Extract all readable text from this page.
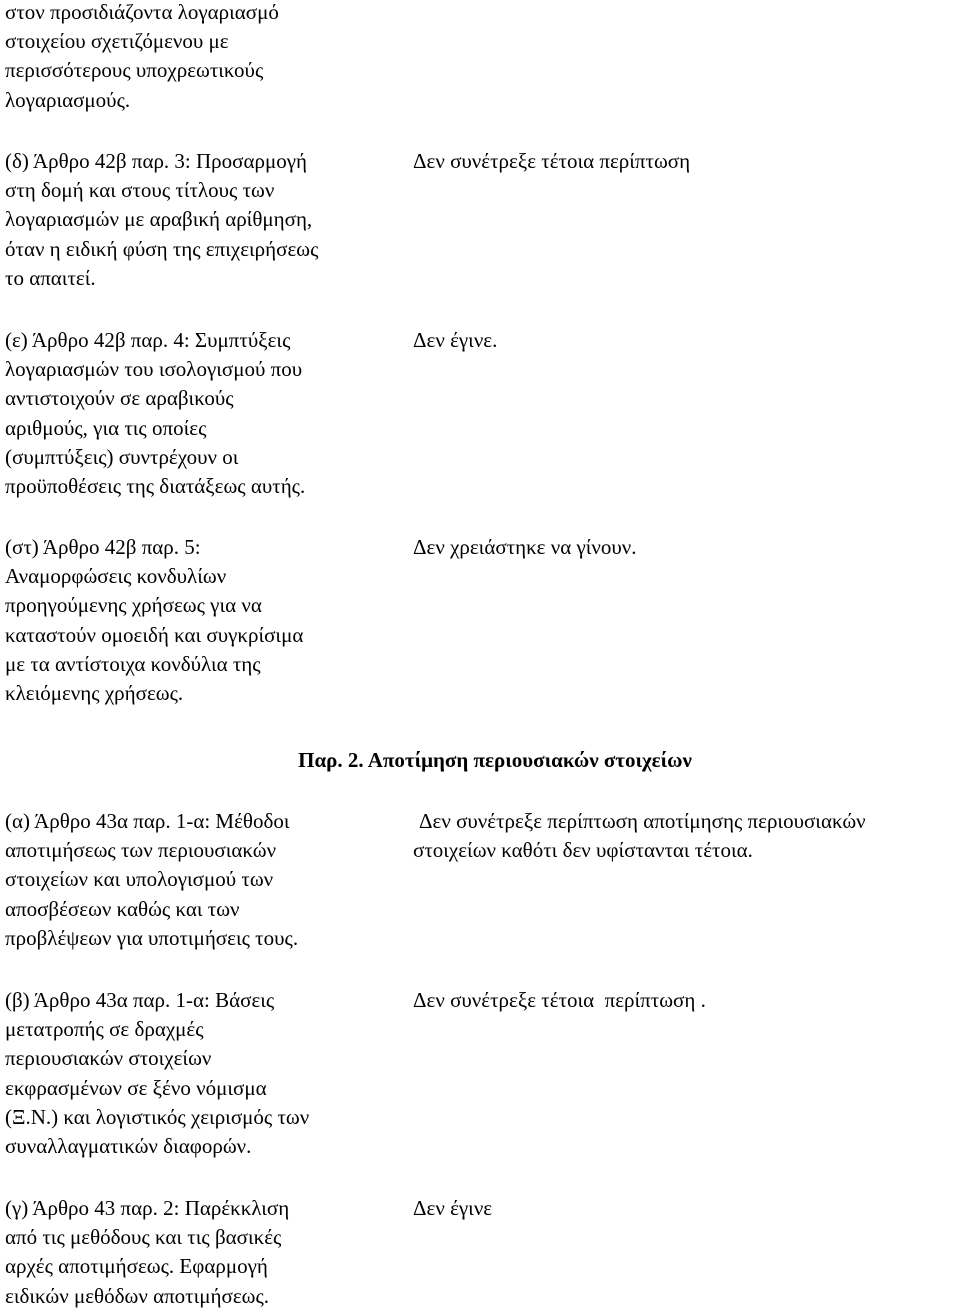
στον προσιδιάζοντα λογαριασμό
στοιχείου σχετιζόμενου με
περισσότερους υποχρεωτικούς
λογαριασμούς.
(δ) Άρθρο 42β παρ. 3: Προσαρμογή
στη δομή και στους τίτλους των
λογαριασμών με αραβική αρίθμηση,
όταν η ειδική φύση της επιχειρήσεως
το απαιτεί.
Δεν συνέτρεξε τέτοια περίπτωση
(ε) Άρθρο 42β παρ. 4: Συμπτύξεις
λογαριασμών του ισολογισμού που
αντιστοιχούν σε αραβικούς
αριθμούς, για τις οποίες
(συμπτύξεις) συντρέχουν οι
προϋποθέσεις της διατάξεως αυτής.
Δεν έγινε.
(στ) Άρθρο 42β παρ. 5:
Αναμορφώσεις κονδυλίων
προηγούμενης χρήσεως για να
καταστούν ομοειδή και συγκρίσιμα
με τα αντίστοιχα κονδύλια της
κλειόμενης χρήσεως.
Δεν χρειάστηκε να γίνουν.
Παρ. 2. Αποτίμηση περιουσιακών στοιχείων
(α) Άρθρο 43α παρ. 1-α: Μέθοδοι
αποτιμήσεως των περιουσιακών
στοιχείων και υπολογισμού των
αποσβέσεων καθώς και των
προβλέψεων για υποτιμήσεις τους.
Δεν συνέτρεξε περίπτωση αποτίμησης περιουσιακών
στοιχείων καθότι δεν υφίστανται τέτοια.
(β) Άρθρο 43α παρ. 1-α: Βάσεις
μετατροπής σε δραχμές
περιουσιακών στοιχείων
εκφρασμένων σε ξένο νόμισμα
(Ξ.Ν.) και λογιστικός χειρισμός των
συναλλαγματικών διαφορών.
Δεν συνέτρεξε τέτοια  περίπτωση .
(γ) Άρθρο 43 παρ. 2: Παρέκκλιση
από τις μεθόδους και τις βασικές
αρχές αποτιμήσεως. Εφαρμογή
ειδικών μεθόδων αποτιμήσεως.
Δεν έγινε
